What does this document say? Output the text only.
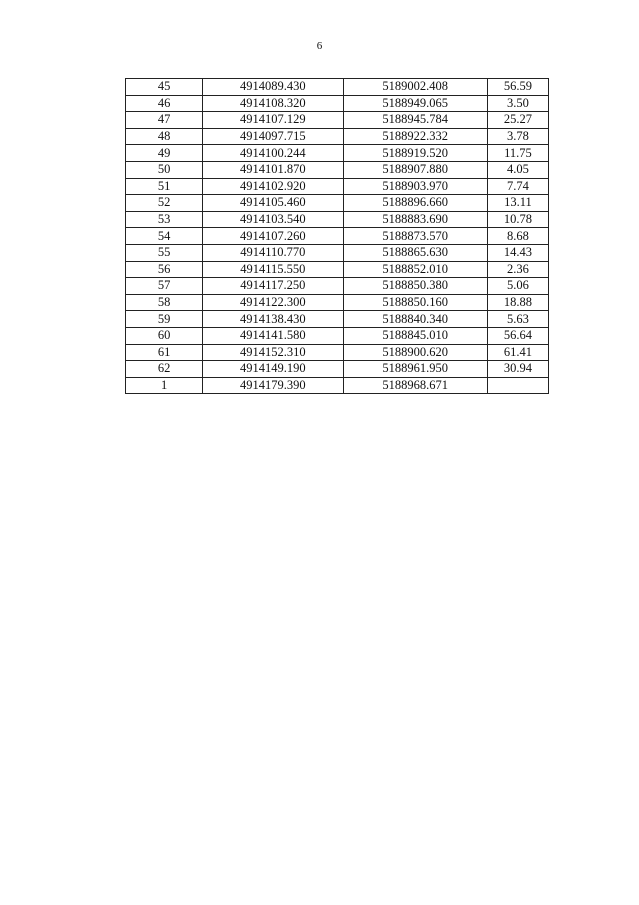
6
45	4914089.430	5189002.408	56.59
46	4914108.320	5188949.065	3.50
47	4914107.129	5188945.784	25.27
48	4914097.715	5188922.332	3.78
49	4914100.244	5188919.520	11.75
50	4914101.870	5188907.880	4.05
51	4914102.920	5188903.970	7.74
52	4914105.460	5188896.660	13.11
53	4914103.540	5188883.690	10.78
54	4914107.260	5188873.570	8.68
55	4914110.770	5188865.630	14.43
56	4914115.550	5188852.010	2.36
57	4914117.250	5188850.380	5.06
58	4914122.300	5188850.160	18.88
59	4914138.430	5188840.340	5.63
60	4914141.580	5188845.010	56.64
61	4914152.310	5188900.620	61.41
62	4914149.190	5188961.950	30.94
1	4914179.390	5188968.671	
